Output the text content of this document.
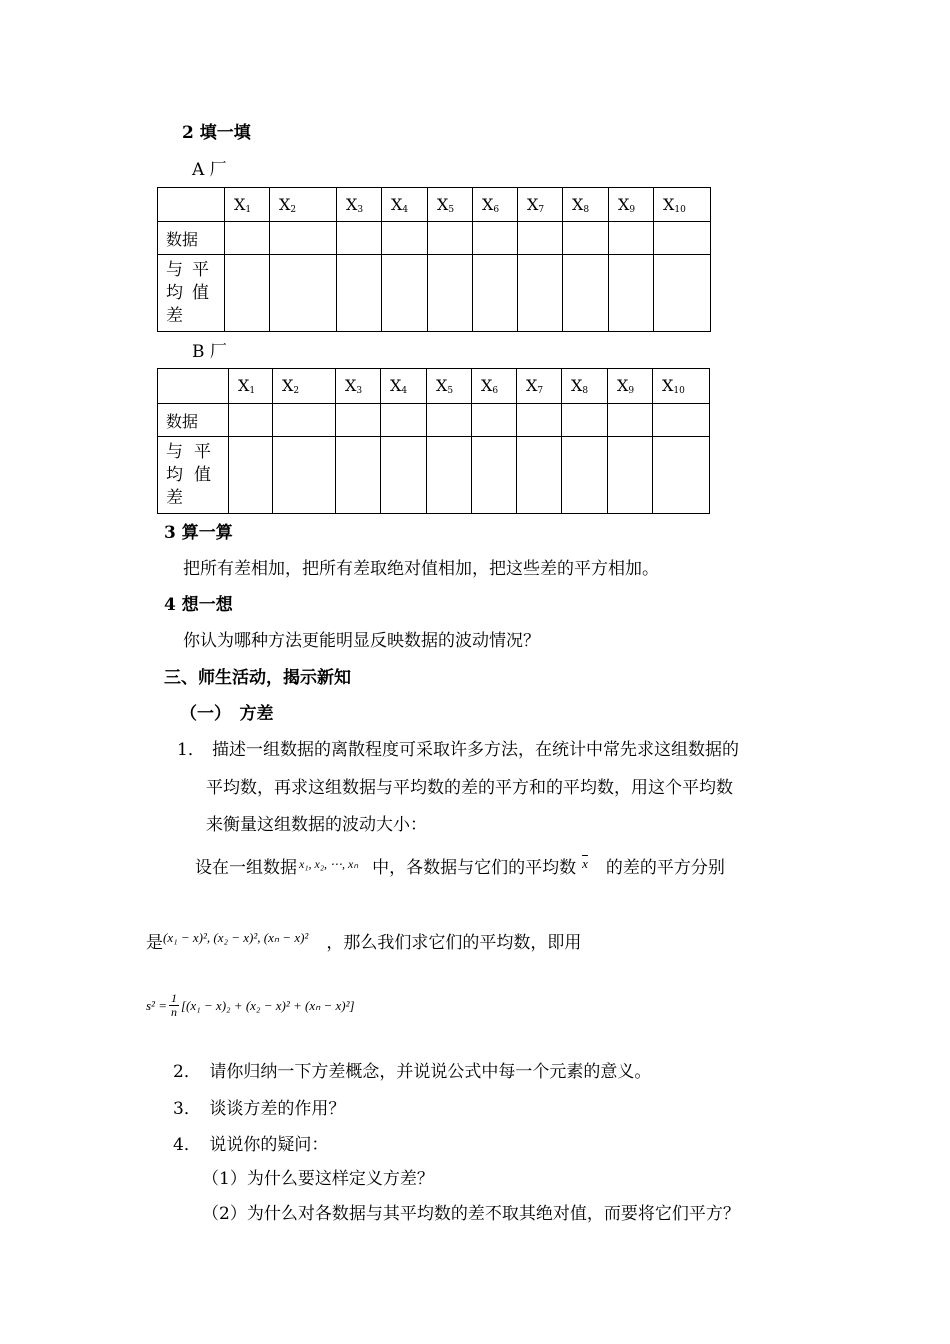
2 填一填
A 厂
	$X_1$	$X_2$	$X_3$	$X_4$	$X_5$	$X_6$	$X_7$	$X_8$	$X_9$	$X_{10}$
数据										

与 平
均 值
差										

B 厂
	$X_1$	$X_2$	$X_3$	$X_4$	$X_5$	$X_6$	$X_7$	$X_8$	$X_9$	$X_{10}$
数据										

与 平
均 值
差										

3 算一算
把所有差相加，把所有差取绝对值相加，把这些差的平方相加。
4 想一想
你认为哪种方法更能明显反映数据的波动情况？
三、师生活动，揭示新知
（一）　方差
1． 描述一组数据的离散程度可采取许多方法，在统计中常先求这组数据的
平均数，再求这组数据与平均数的差的平方和的平均数，用这个平均数
来衡量这组数据的波动大小：
设在一组数据 $^{x_1, x_2, \cdots, x_n}$ 中，各数据与它们的平均数 $^{\overline{x}}$ 的差的平方分别
是$^{(x_1 - x)^2, (x_2 - x)^2, (x_n - x)^2}$ ，那么我们求它们的平均数，即用
$s^2 = \frac{1}{n} [(x_1 - x)_2 + (x_2 - x)^2 + (x_n - x)^2]$
2．　请你归纳一下方差概念，并说说公式中每一个元素的意义。
3．　谈谈方差的作用？
4．　说说你的疑问：
（1）为什么要这样定义方差？
（2）为什么对各数据与其平均数的差不取其绝对值，而要将它们平方？
